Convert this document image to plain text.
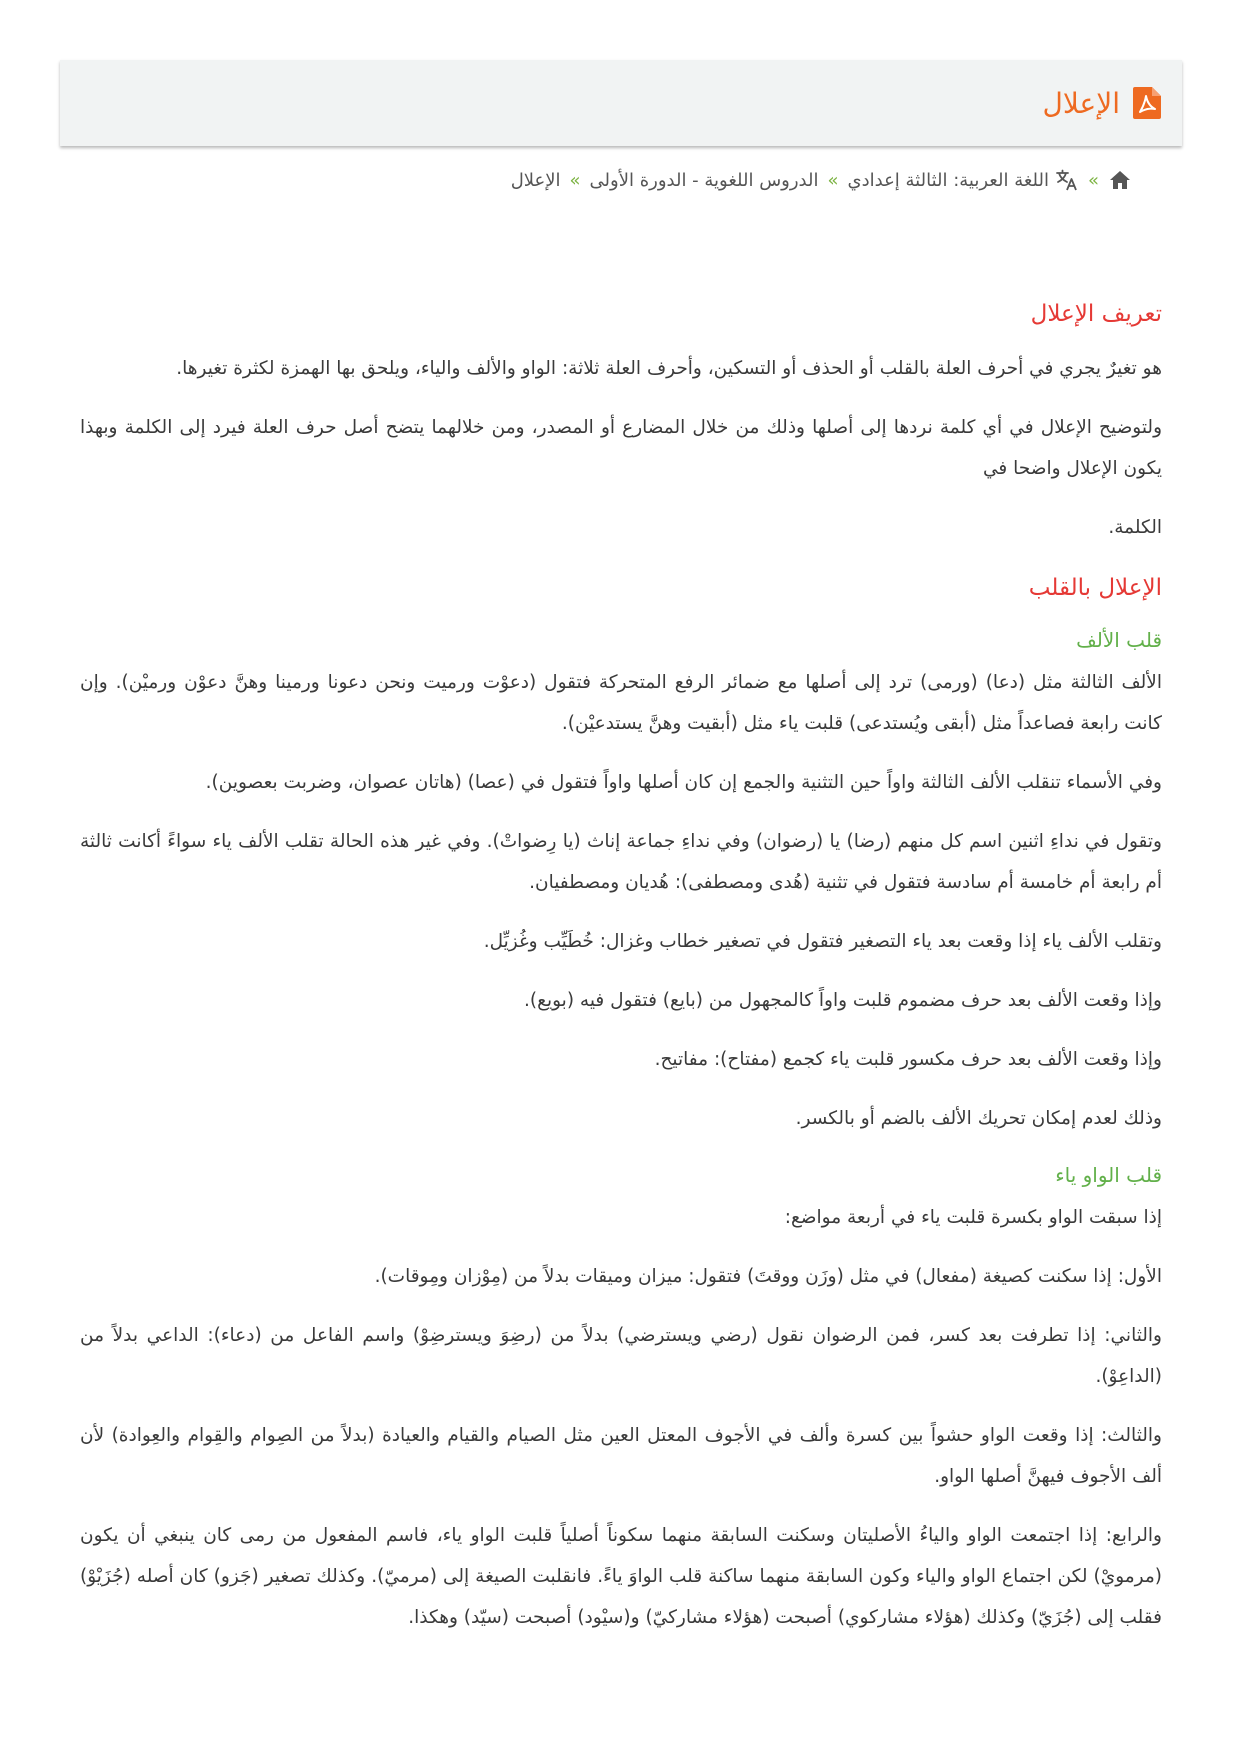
الإعلال
»
اللغة العربية: الثالثة إعدادي
»
الدروس اللغوية - الدورة الأولى
»
الإعلال
تعريف الإعلال

هو تغيرٌ يجري في أحرف العلة بالقلب أو الحذف أو التسكين، وأحرف العلة ثلاثة: الواو والألف والياء، ويلحق بها الهمزة لكثرة تغيرها.

ولتوضيح الإعلال في أي كلمة نردها إلى أصلها وذلك من خلال المضارع أو المصدر، ومن خلالهما يتضح أصل حرف العلة فيرد إلى الكلمة وبهذا يكون الإعلال واضحا في

الكلمة.

الإعلال بالقلب
قلب الألف

الألف الثالثة مثل (دعا) (ورمى) ترد إلى أصلها مع ضمائر الرفع المتحركة فتقول (دعوْت ورميت ونحن دعونا ورمينا وهنَّ دعوْن ورميْن). وإن كانت رابعة فصاعداً مثل (أبقى ويُستدعى) قلبت ياء مثل (أبقيت وهنَّ يستدعيْن).

وفي الأسماء تنقلب الألف الثالثة واواً حين التثنية والجمع إن كان أصلها واواً فتقول في (عصا) (هاتان عصوان، وضربت بعصوين).

وتقول في نداءِ اثنين اسم كل منهم (رضا) يا (رضوان) وفي نداءِ جماعة إناث (يا رِضواتْ). وفي غير هذه الحالة تقلب الألف ياء سواءً أكانت ثالثة أم رابعة أم خامسة أم سادسة فتقول في تثنية (هُدى ومصطفى): هُديان ومصطفيان.

وتقلب الألف ياء إذا وقعت بعد ياء التصغير فتقول في تصغير خطاب وغزال: خُطَيِّب وغُزيِّل.

وإذا وقعت الألف بعد حرف مضموم قلبت واواً كالمجهول من (بايع) فتقول فيه (بويع).

وإذا وقعت الألف بعد حرف مكسور قلبت ياء كجمع (مفتاح): مفاتيح.

وذلك لعدم إمكان تحريك الألف بالضم أو بالكسر.

قلب الواو ياء

إذا سبقت الواو بكسرة قلبت ياء في أربعة مواضع:

الأول: إذا سكنت كصيغة (مفعال) في مثل (وزَن ووقتَ) فتقول: ميزان وميقات بدلاً من (مِوْزان ومِوقات).

والثاني: إذا تطرفت بعد كسر، فمن الرضوان نقول (رضي ويسترضي) بدلاً من (رضِوَ ويسترضِوْ) واسم الفاعل من (دعاء): الداعي بدلاً من (الداعِوْ).

والثالث: إذا وقعت الواو حشواً بين كسرة وألف في الأجوف المعتل العين مثل الصيام والقيام والعيادة (بدلاً من الصِوام والقِوام والعِوادة) لأن ألف الأجوف فيهنَّ أصلها الواو.

والرابع: إذا اجتمعت الواو والياءُ الأصليتان وسكنت السابقة منهما سكوناً أصلياً قلبت الواو ياء، فاسم المفعول من رمى كان ينبغي أن يكون (مرمويْ) لكن اجتماع الواو والياء وكون السابقة منهما ساكنة قلب الواوَ ياءً. فانقلبت الصيغة إلى (مرميّ). وكذلك تصغير (جَزو) كان أصله (جُزَيْوْ) فقلب إلى (جُزَيّ) وكذلك (هؤلاء مشاركوي) أصبحت (هؤلاء مشاركيّ) و(سيْود) أصبحت (سيّد) وهكذا.
